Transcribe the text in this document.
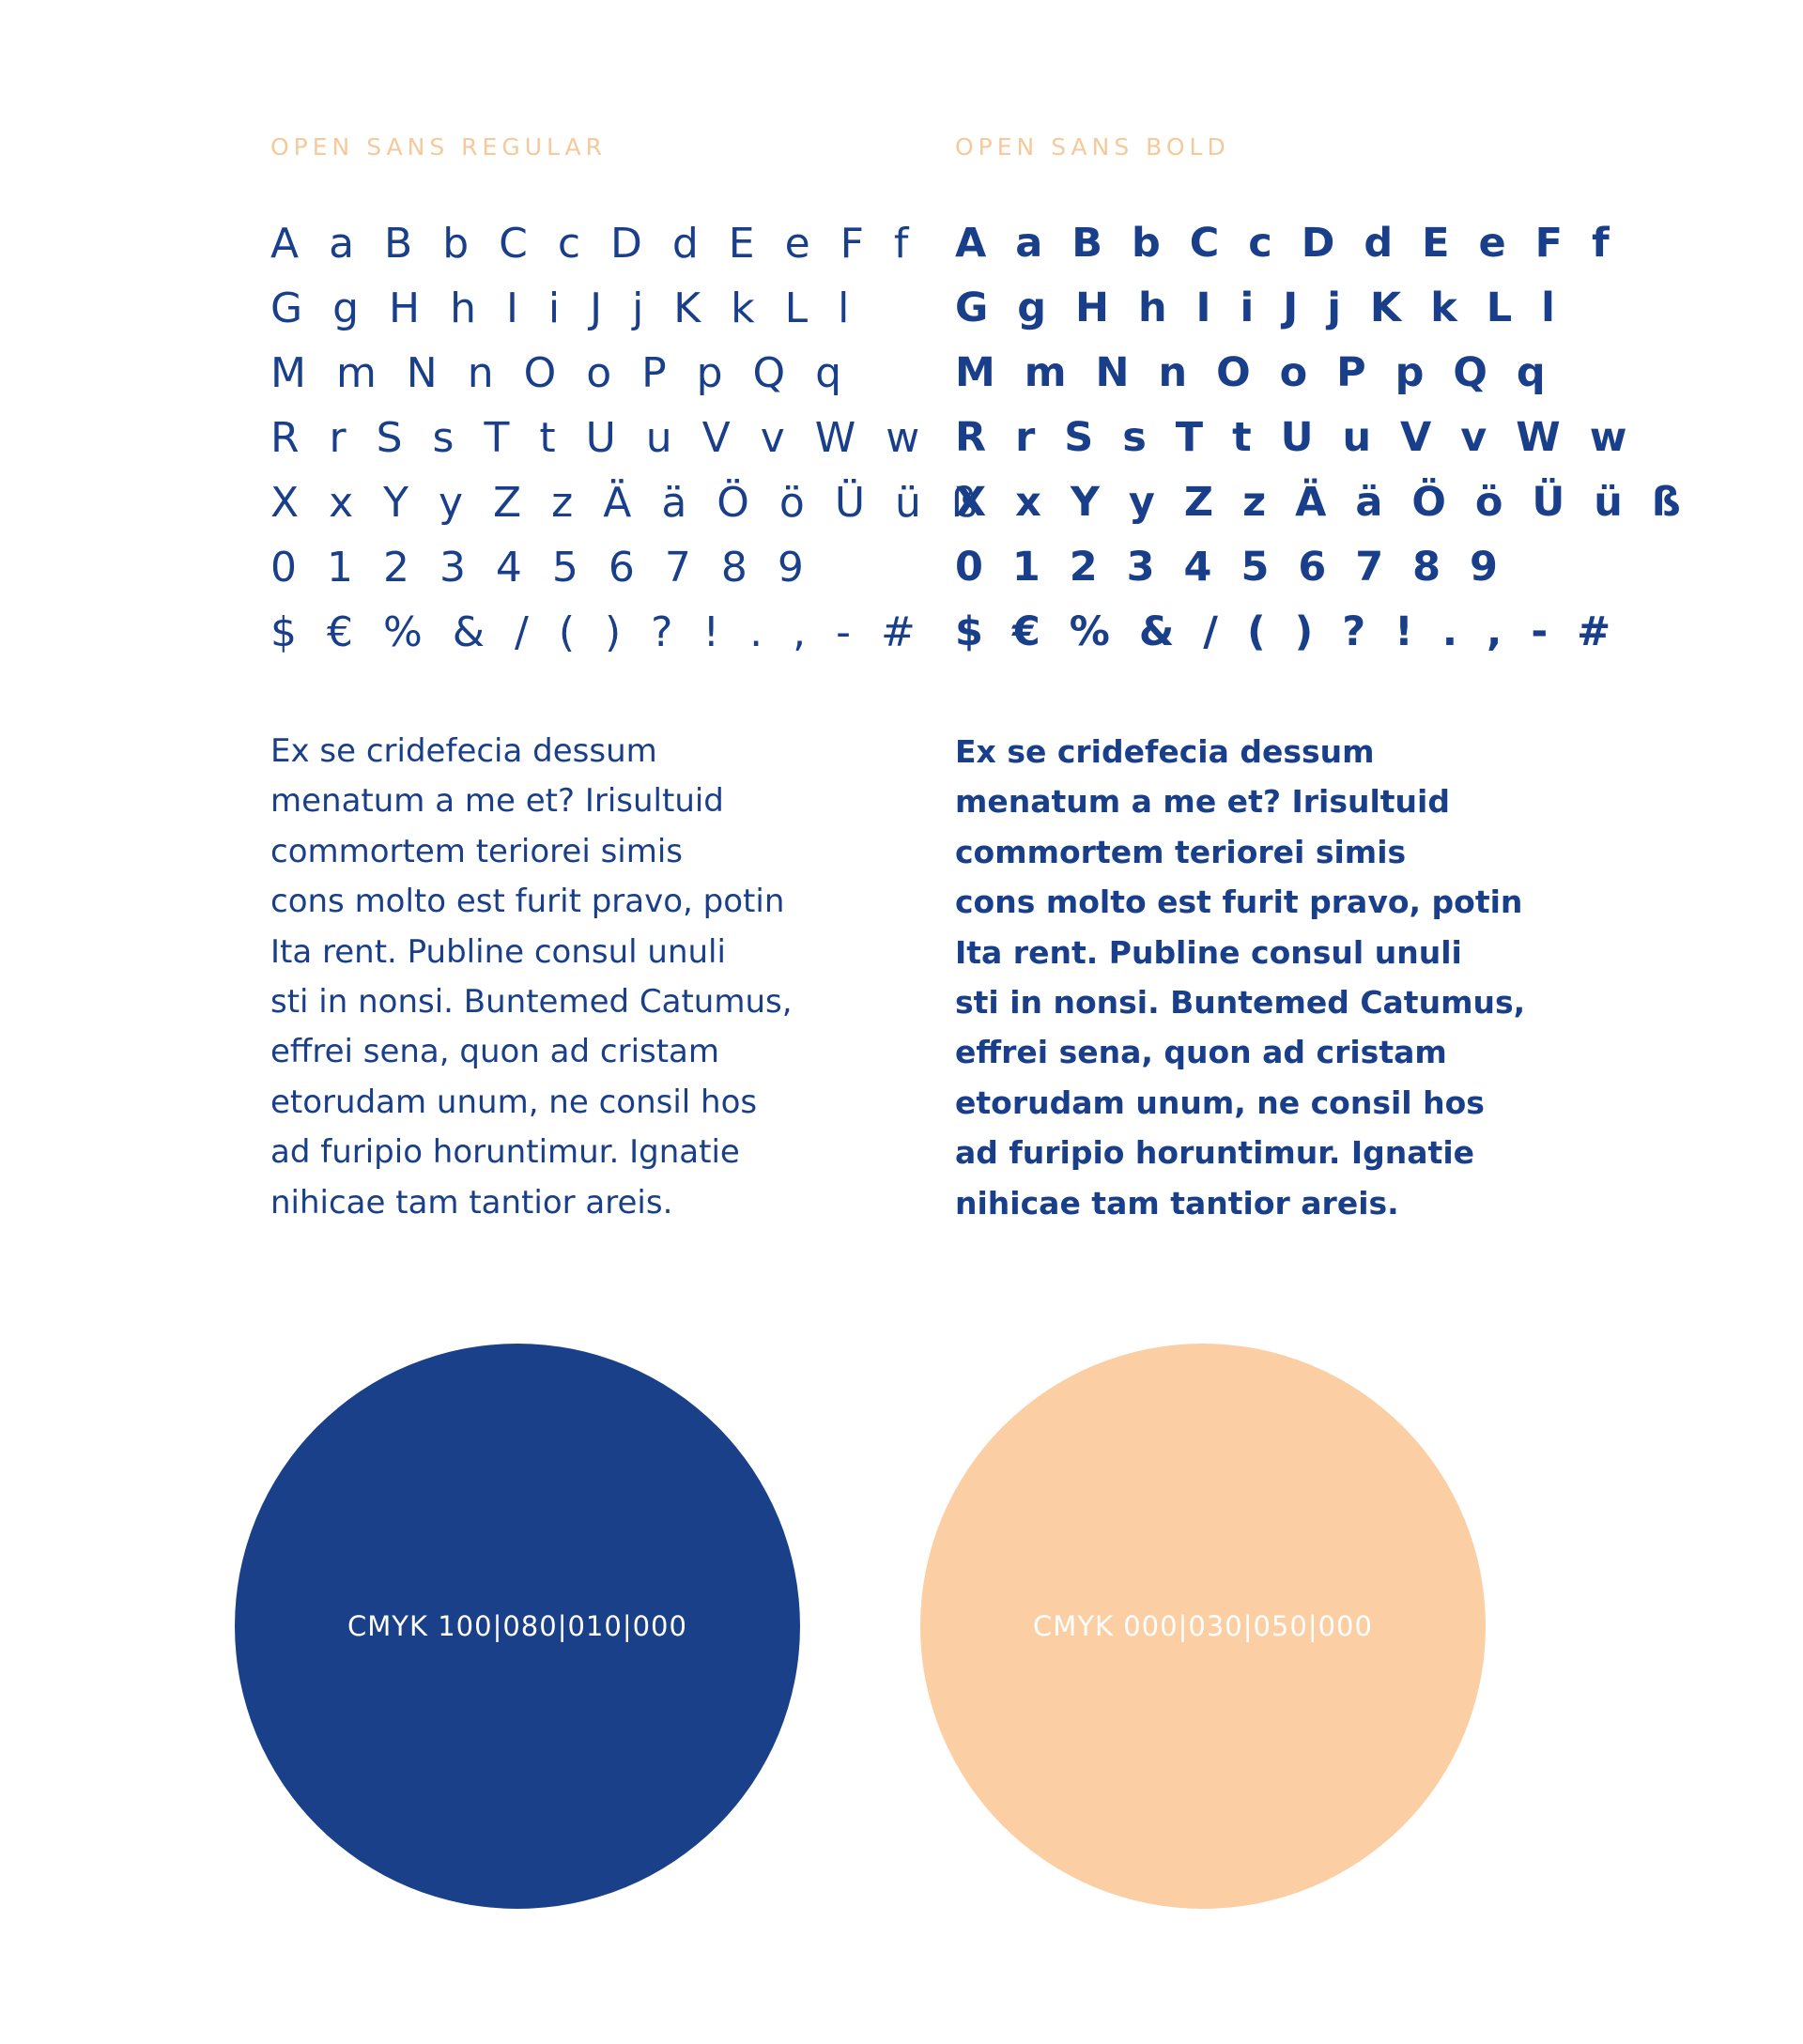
OPEN SANS REGULAR
A a B b C c D d E e F f
G g H h I i J j K k L l
M m N n O o P p Q q
R r S s T t U u V v W w
X x Y y Z z Ä ä Ö ö Ü ü ß
0 1 2 3 4 5 6 7 8 9
$ € % & / ( ) ? ! . , - #
Ex se cridefecia dessum
menatum a me et? Irisultuid
commortem teriorei simis
cons molto est furit pravo, potin
Ita rent. Publine consul unuli
sti in nonsi. Buntemed Catumus,
effrei sena, quon ad cristam
etorudam unum, ne consil hos
ad furipio horuntimur. Ignatie
nihicae tam tantior areis.
OPEN SANS BOLD
A a B b C c D d E e F f
G g H h I i J j K k L l
M m N n O o P p Q q
R r S s T t U u V v W w
X x Y y Z z Ä ä Ö ö Ü ü ß
0 1 2 3 4 5 6 7 8 9
$ € % & / ( ) ? ! . , - #
Ex se cridefecia dessum
menatum a me et? Irisultuid
commortem teriorei simis
cons molto est furit pravo, potin
Ita rent. Publine consul unuli
sti in nonsi. Buntemed Catumus,
effrei sena, quon ad cristam
etorudam unum, ne consil hos
ad furipio horuntimur. Ignatie
nihicae tam tantior areis.
CMYK 100|080|010|000	CMYK 000|030|050|000
